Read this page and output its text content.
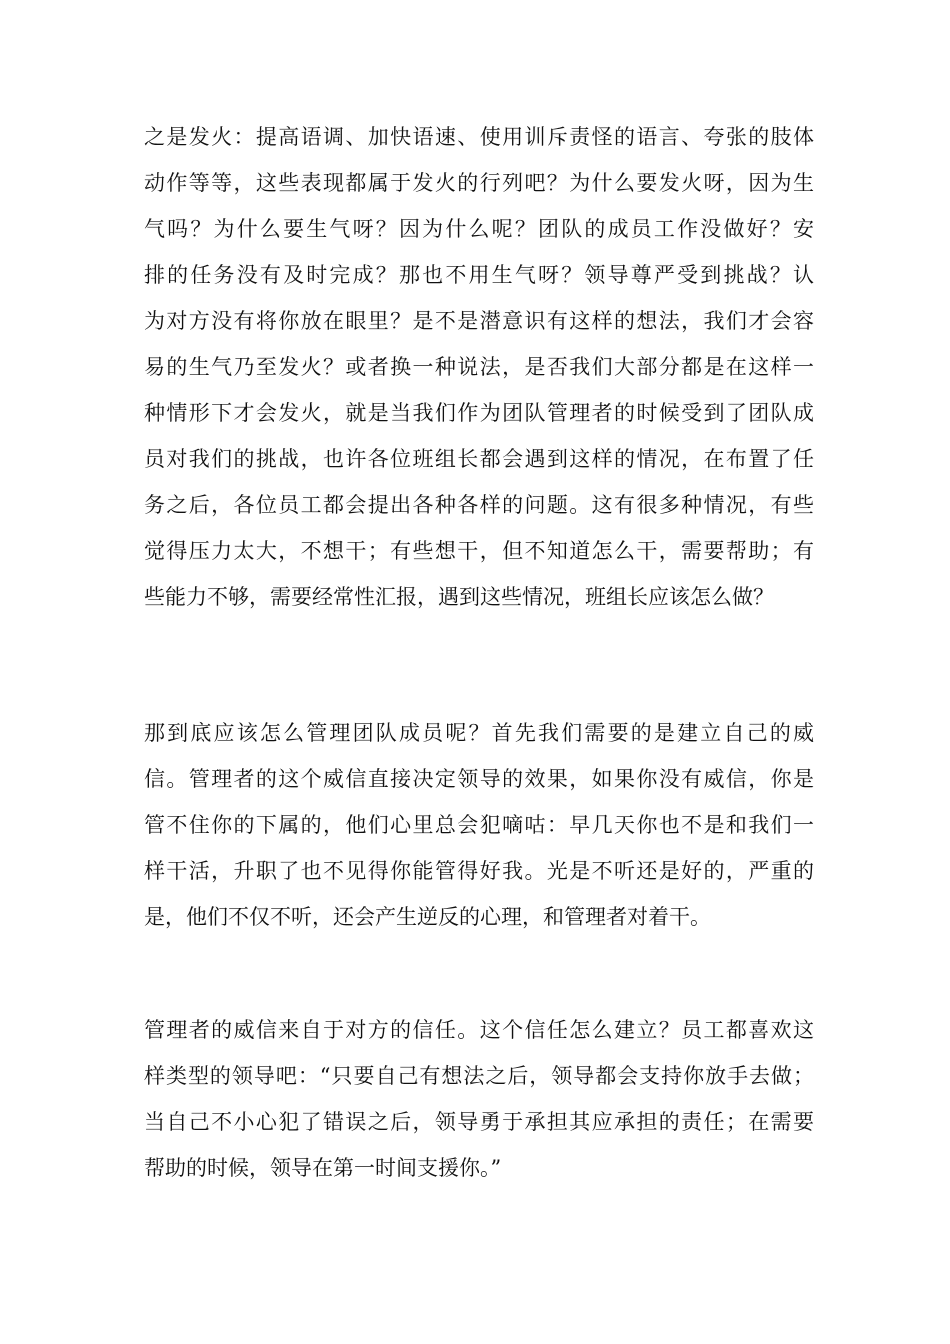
之是发火：提高语调、加快语速、使用训斥责怪的语言、夸张的肢体
动作等等，这些表现都属于发火的行列吧？为什么要发火呀，因为生
气吗？为什么要生气呀？因为什么呢？团队的成员工作没做好？安
排的任务没有及时完成？那也不用生气呀？领导尊严受到挑战？认
为对方没有将你放在眼里？是不是潜意识有这样的想法，我们才会容
易的生气乃至发火？或者换一种说法，是否我们大部分都是在这样一
种情形下才会发火，就是当我们作为团队管理者的时候受到了团队成
员对我们的挑战，也许各位班组长都会遇到这样的情况，在布置了任
务之后，各位员工都会提出各种各样的问题。这有很多种情况，有些
觉得压力太大，不想干；有些想干，但不知道怎么干，需要帮助；有
些能力不够，需要经常性汇报，遇到这些情况，班组长应该怎么做？
那到底应该怎么管理团队成员呢？首先我们需要的是建立自己的威
信。管理者的这个威信直接决定领导的效果，如果你没有威信，你是
管不住你的下属的，他们心里总会犯嘀咕：早几天你也不是和我们一
样干活，升职了也不见得你能管得好我。光是不听还是好的，严重的
是，他们不仅不听，还会产生逆反的心理，和管理者对着干。
管理者的威信来自于对方的信任。这个信任怎么建立？员工都喜欢这
样类型的领导吧：“只要自己有想法之后，领导都会支持你放手去做；
当自己不小心犯了错误之后，领导勇于承担其应承担的责任；在需要
帮助的时候，领导在第一时间支援你。”
